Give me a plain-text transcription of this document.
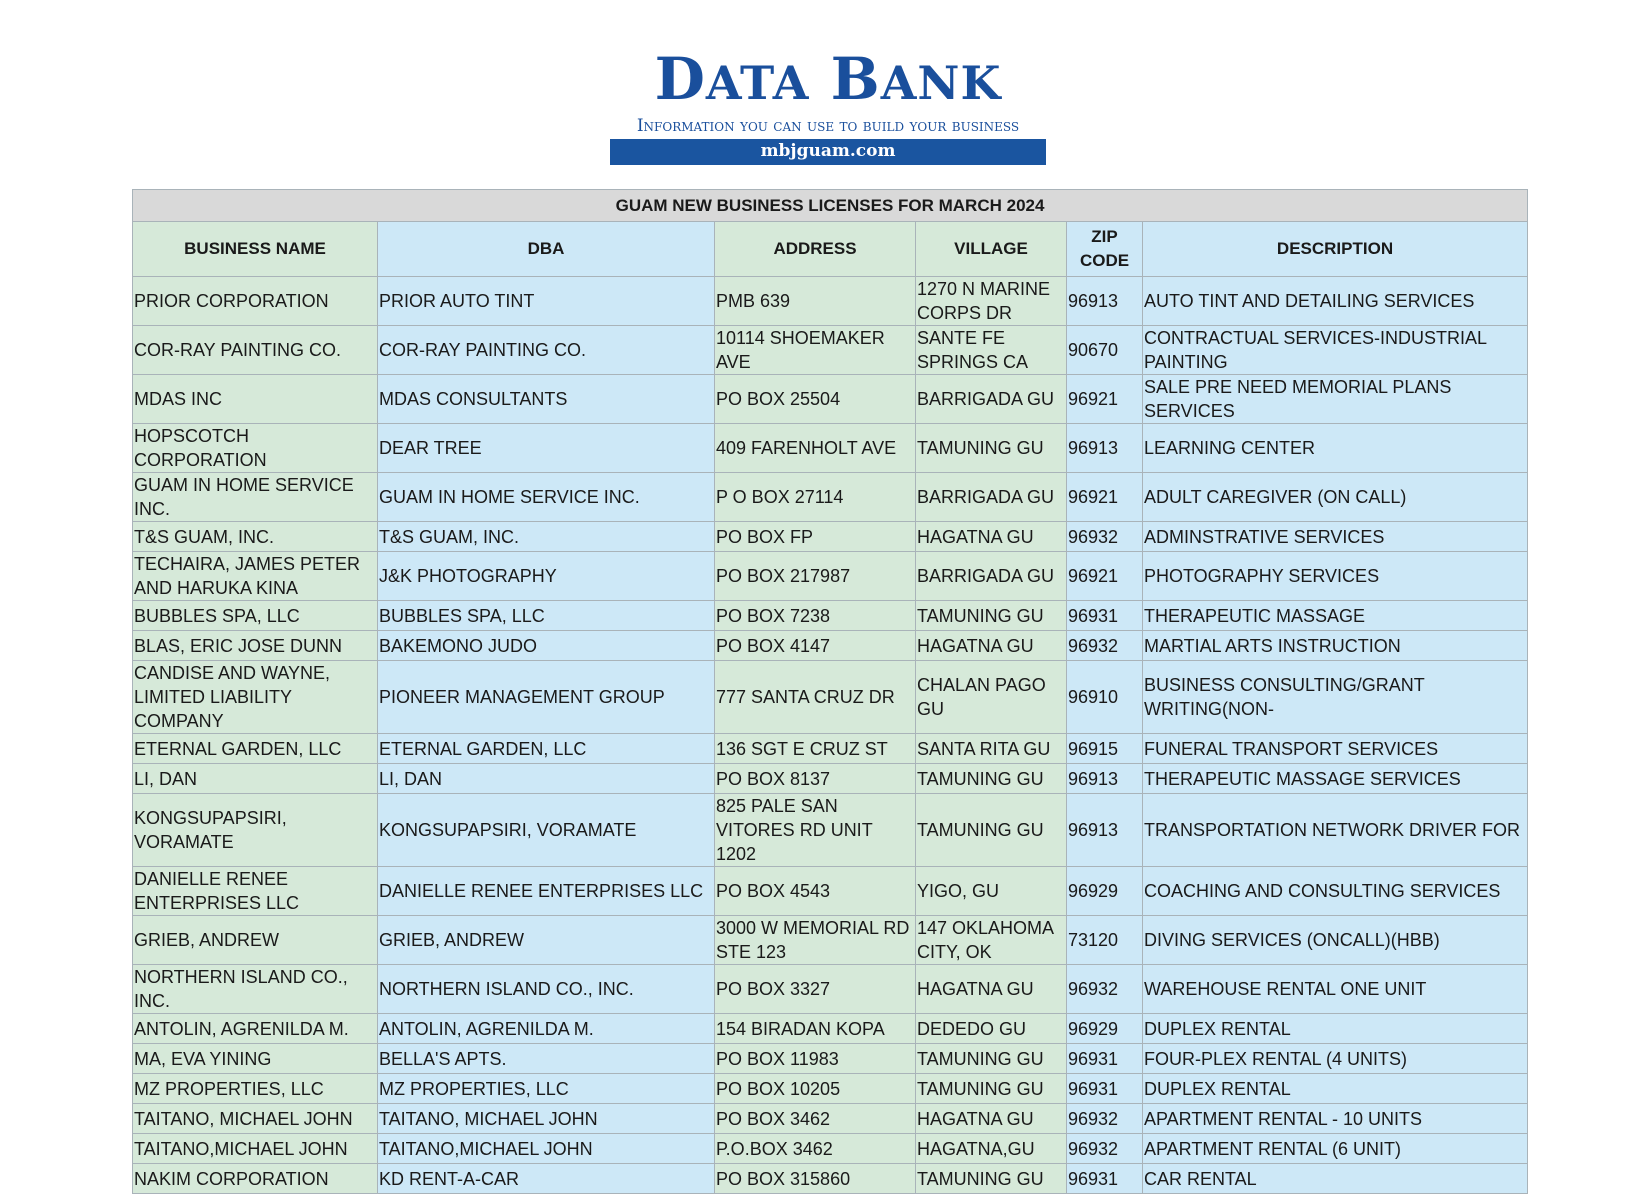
DATA BANK
Information you can use to build your business
mbjguam.com
GUAM NEW BUSINESS LICENSES FOR MARCH 2024					
BUSINESS NAME	DBA	ADDRESS	VILLAGE	ZIP CODE	DESCRIPTION
PRIOR CORPORATION	PRIOR AUTO TINT	PMB 639	1270 N MARINE CORPS DR	96913	AUTO TINT AND DETAILING SERVICES
COR-RAY PAINTING CO.	COR-RAY PAINTING CO.	10114 SHOEMAKER AVE	SANTE FE SPRINGS CA	90670	CONTRACTUAL SERVICES-INDUSTRIAL PAINTING
MDAS INC	MDAS CONSULTANTS	PO BOX 25504	BARRIGADA GU	96921	SALE PRE NEED MEMORIAL PLANS SERVICES
HOPSCOTCH CORPORATION	DEAR TREE	409 FARENHOLT AVE	TAMUNING GU	96913	LEARNING CENTER
GUAM IN HOME SERVICE INC.	GUAM IN HOME SERVICE INC.	P O BOX 27114	BARRIGADA GU	96921	ADULT CAREGIVER (ON CALL)
T&S GUAM, INC.	T&S GUAM, INC.	PO BOX FP	HAGATNA GU	96932	ADMINSTRATIVE SERVICES
TECHAIRA, JAMES PETER AND HARUKA KINA	J&K PHOTOGRAPHY	PO BOX 217987	BARRIGADA GU	96921	PHOTOGRAPHY SERVICES
BUBBLES SPA, LLC	BUBBLES SPA, LLC	PO BOX 7238	TAMUNING GU	96931	THERAPEUTIC MASSAGE
BLAS, ERIC JOSE DUNN	BAKEMONO JUDO	PO BOX 4147	HAGATNA GU	96932	MARTIAL ARTS INSTRUCTION
CANDISE AND WAYNE, LIMITED LIABILITY COMPANY	PIONEER MANAGEMENT GROUP	777 SANTA CRUZ DR	CHALAN PAGO GU	96910	BUSINESS CONSULTING/GRANT WRITING(NON-
ETERNAL GARDEN, LLC	ETERNAL GARDEN, LLC	136 SGT E CRUZ ST	SANTA RITA GU	96915	FUNERAL TRANSPORT SERVICES
LI, DAN	LI, DAN	PO BOX 8137	TAMUNING GU	96913	THERAPEUTIC MASSAGE SERVICES
KONGSUPAPSIRI, VORAMATE	KONGSUPAPSIRI, VORAMATE	825 PALE SAN VITORES RD UNIT 1202	TAMUNING GU	96913	TRANSPORTATION NETWORK DRIVER FOR
DANIELLE RENEE ENTERPRISES LLC	DANIELLE RENEE ENTERPRISES LLC	PO BOX 4543	YIGO, GU	96929	COACHING AND CONSULTING SERVICES
GRIEB, ANDREW	GRIEB, ANDREW	3000 W MEMORIAL RD STE 123	147 OKLAHOMA CITY, OK	73120	DIVING SERVICES (ONCALL)(HBB)
NORTHERN ISLAND CO., INC.	NORTHERN ISLAND CO., INC.	PO BOX 3327	HAGATNA GU	96932	WAREHOUSE RENTAL ONE UNIT
ANTOLIN, AGRENILDA M.	ANTOLIN, AGRENILDA M.	154 BIRADAN KOPA	DEDEDO GU	96929	DUPLEX RENTAL
MA, EVA YINING	BELLA'S APTS.	PO BOX 11983	TAMUNING GU	96931	FOUR-PLEX RENTAL (4 UNITS)
MZ PROPERTIES, LLC	MZ PROPERTIES, LLC	PO BOX 10205	TAMUNING GU	96931	DUPLEX RENTAL
TAITANO, MICHAEL JOHN	TAITANO, MICHAEL JOHN	PO BOX 3462	HAGATNA GU	96932	APARTMENT RENTAL - 10 UNITS
TAITANO,MICHAEL JOHN	TAITANO,MICHAEL JOHN	P.O.BOX 3462	HAGATNA,GU	96932	APARTMENT RENTAL (6 UNIT)
NAKIM CORPORATION	KD RENT-A-CAR	PO BOX 315860	TAMUNING GU	96931	CAR RENTAL
